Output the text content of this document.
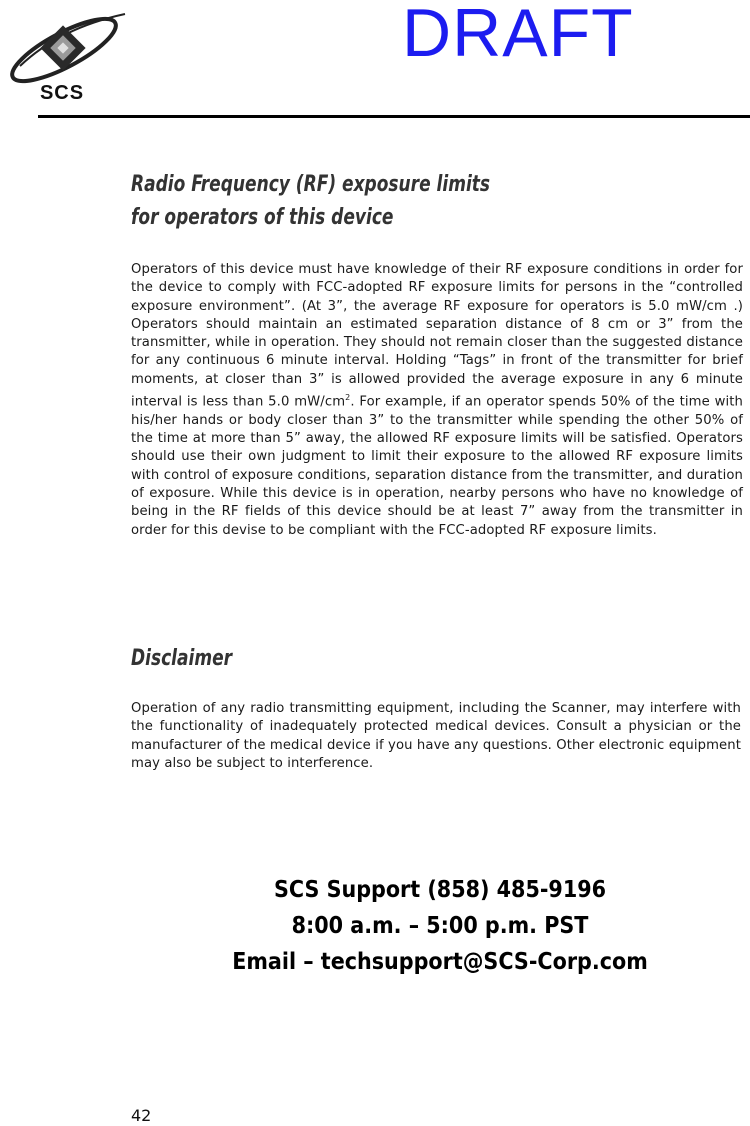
SCS
DRAFT
Radio Frequency (RF) exposure limits
for operators of this device

Operators of this device must have knowledge of their RF exposure conditions in order for the device to comply with FCC-adopted RF exposure limits for persons in the “controlled exposure environment”. (At 3”, the average RF exposure for operators is 5.0 mW/cm .) Operators should maintain an estimated separation distance of 8 cm or 3” from the transmitter, while in operation. They should not remain closer than the suggested distance for any continuous 6 minute interval. Holding “Tags” in front of the transmitter for brief moments, at closer than 3” is allowed provided the average exposure in any 6 minute interval is less than 5.0 $mW/cm^2$. For example, if an operator spends 50% of the time with his/her hands or body closer than 3” to the transmitter while spending the other 50% of the time at more than 5” away, the allowed RF exposure limits will be satisfied. Operators should use their own judgment to limit their exposure to the allowed RF exposure limits with control of exposure conditions, separation distance from the transmitter, and duration of exposure. While this device is in operation, nearby persons who have no knowledge of being in the RF fields of this device should be at least 7” away from the transmitter in order for this devise to be compliant with the FCC-adopted RF exposure limits.

Disclaimer

Operation of any radio transmitting equipment, including the Scanner, may interfere with the functionality of inadequately protected medical devices. Consult a physician or the manufacturer of the medical device if you have any questions. Other electronic equipment may also be subject to interference.

SCS Support (858) 485-9196
8:00 a.m. – 5:00 p.m. PST
Email – techsupport@SCS-Corp.com
42
